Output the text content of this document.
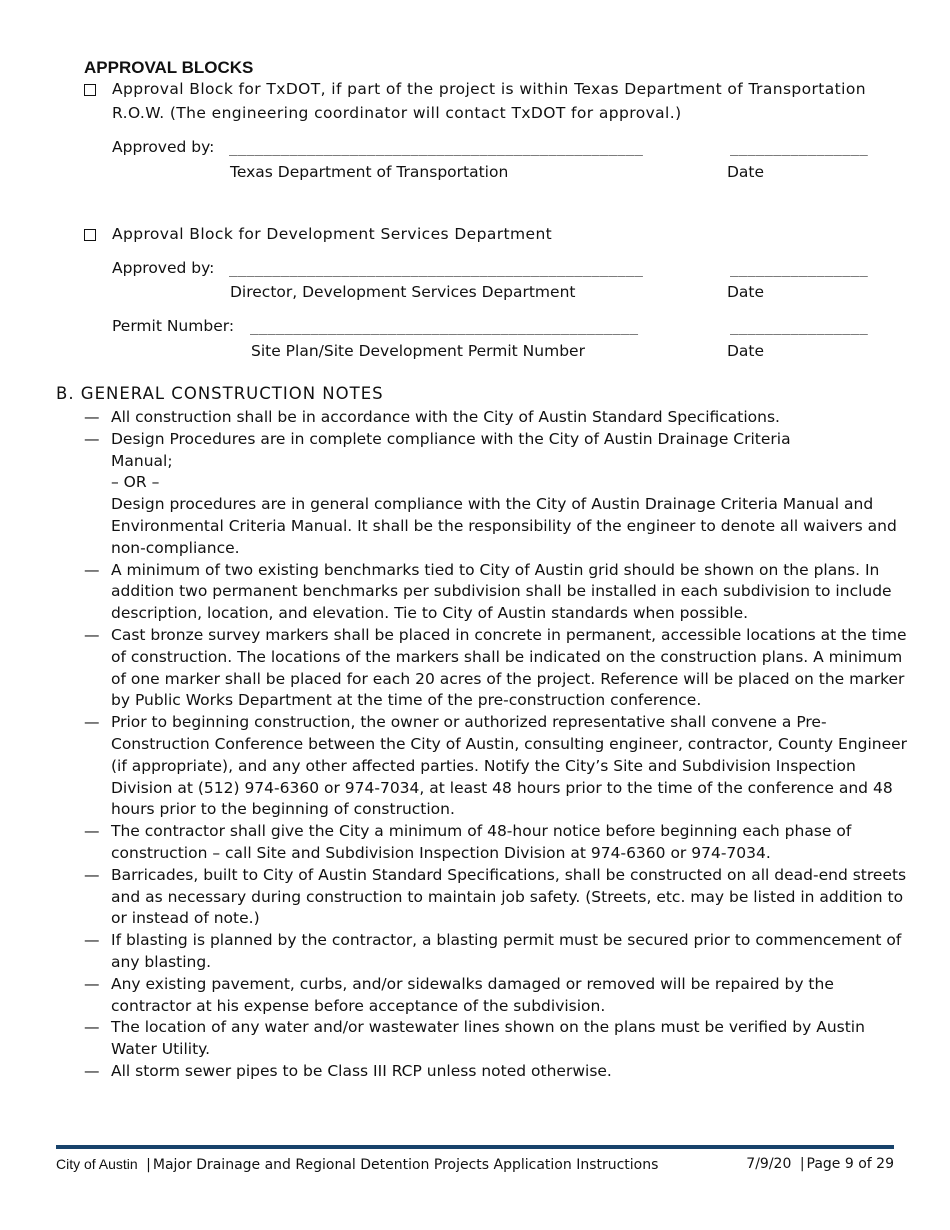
APPROVAL BLOCKS
Approval Block for TxDOT, if part of the project is within Texas Department of Transportation
R.O.W. (The engineering coordinator will contact TxDOT for approval.)
Approved by: ________________________________________________	________________
Texas Department of Transportation	Date
Approval Block for Development Services Department
Approved by: ________________________________________________	________________
Director, Development Services Department	Date
Permit Number: _____________________________________________	________________
Site Plan/Site Development Permit Number	Date
B. GENERAL CONSTRUCTION NOTES
— All construction shall be in accordance with the City of Austin Standard Specifications.
— Design Procedures are in complete compliance with the City of Austin Drainage Criteria Manual;

– OR –

Design procedures are in general compliance with the City of Austin Drainage Criteria Manual and Environmental Criteria Manual. It shall be the responsibility of the engineer to denote all waivers and non-compliance.

— A minimum of two existing benchmarks tied to City of Austin grid should be shown on the plans. In addition two permanent benchmarks per subdivision shall be installed in each subdivision to include description, location, and elevation. Tie to City of Austin standards when possible.
— Cast bronze survey markers shall be placed in concrete in permanent, accessible locations at the time of construction. The locations of the markers shall be indicated on the construction plans. A minimum of one marker shall be placed for each 20 acres of the project. Reference will be placed on the marker by Public Works Department at the time of the pre-construction conference.
— Prior to beginning construction, the owner or authorized representative shall convene a Pre-Construction Conference between the City of Austin, consulting engineer, contractor, County Engineer (if appropriate), and any other affected parties. Notify the City’s Site and Subdivision Inspection Division at (512) 974-6360 or 974-7034, at least 48 hours prior to the time of the conference and 48 hours prior to the beginning of construction.
— The contractor shall give the City a minimum of 48-hour notice before beginning each phase of construction – call Site and Subdivision Inspection Division at 974-6360 or 974-7034.
— Barricades, built to City of Austin Standard Specifications, shall be constructed on all dead-end streets and as necessary during construction to maintain job safety. (Streets, etc. may be listed in addition to or instead of note.)
— If blasting is planned by the contractor, a blasting permit must be secured prior to commencement of any blasting.
— Any existing pavement, curbs, and/or sidewalks damaged or removed will be repaired by the contractor at his expense before acceptance of the subdivision.
— The location of any water and/or wastewater lines shown on the plans must be verified by Austin Water Utility.
— All storm sewer pipes to be Class III RCP unless noted otherwise.
City of Austin | Major Drainage and Regional Detention Projects Application Instructions	7/9/20 | Page 9 of 29
